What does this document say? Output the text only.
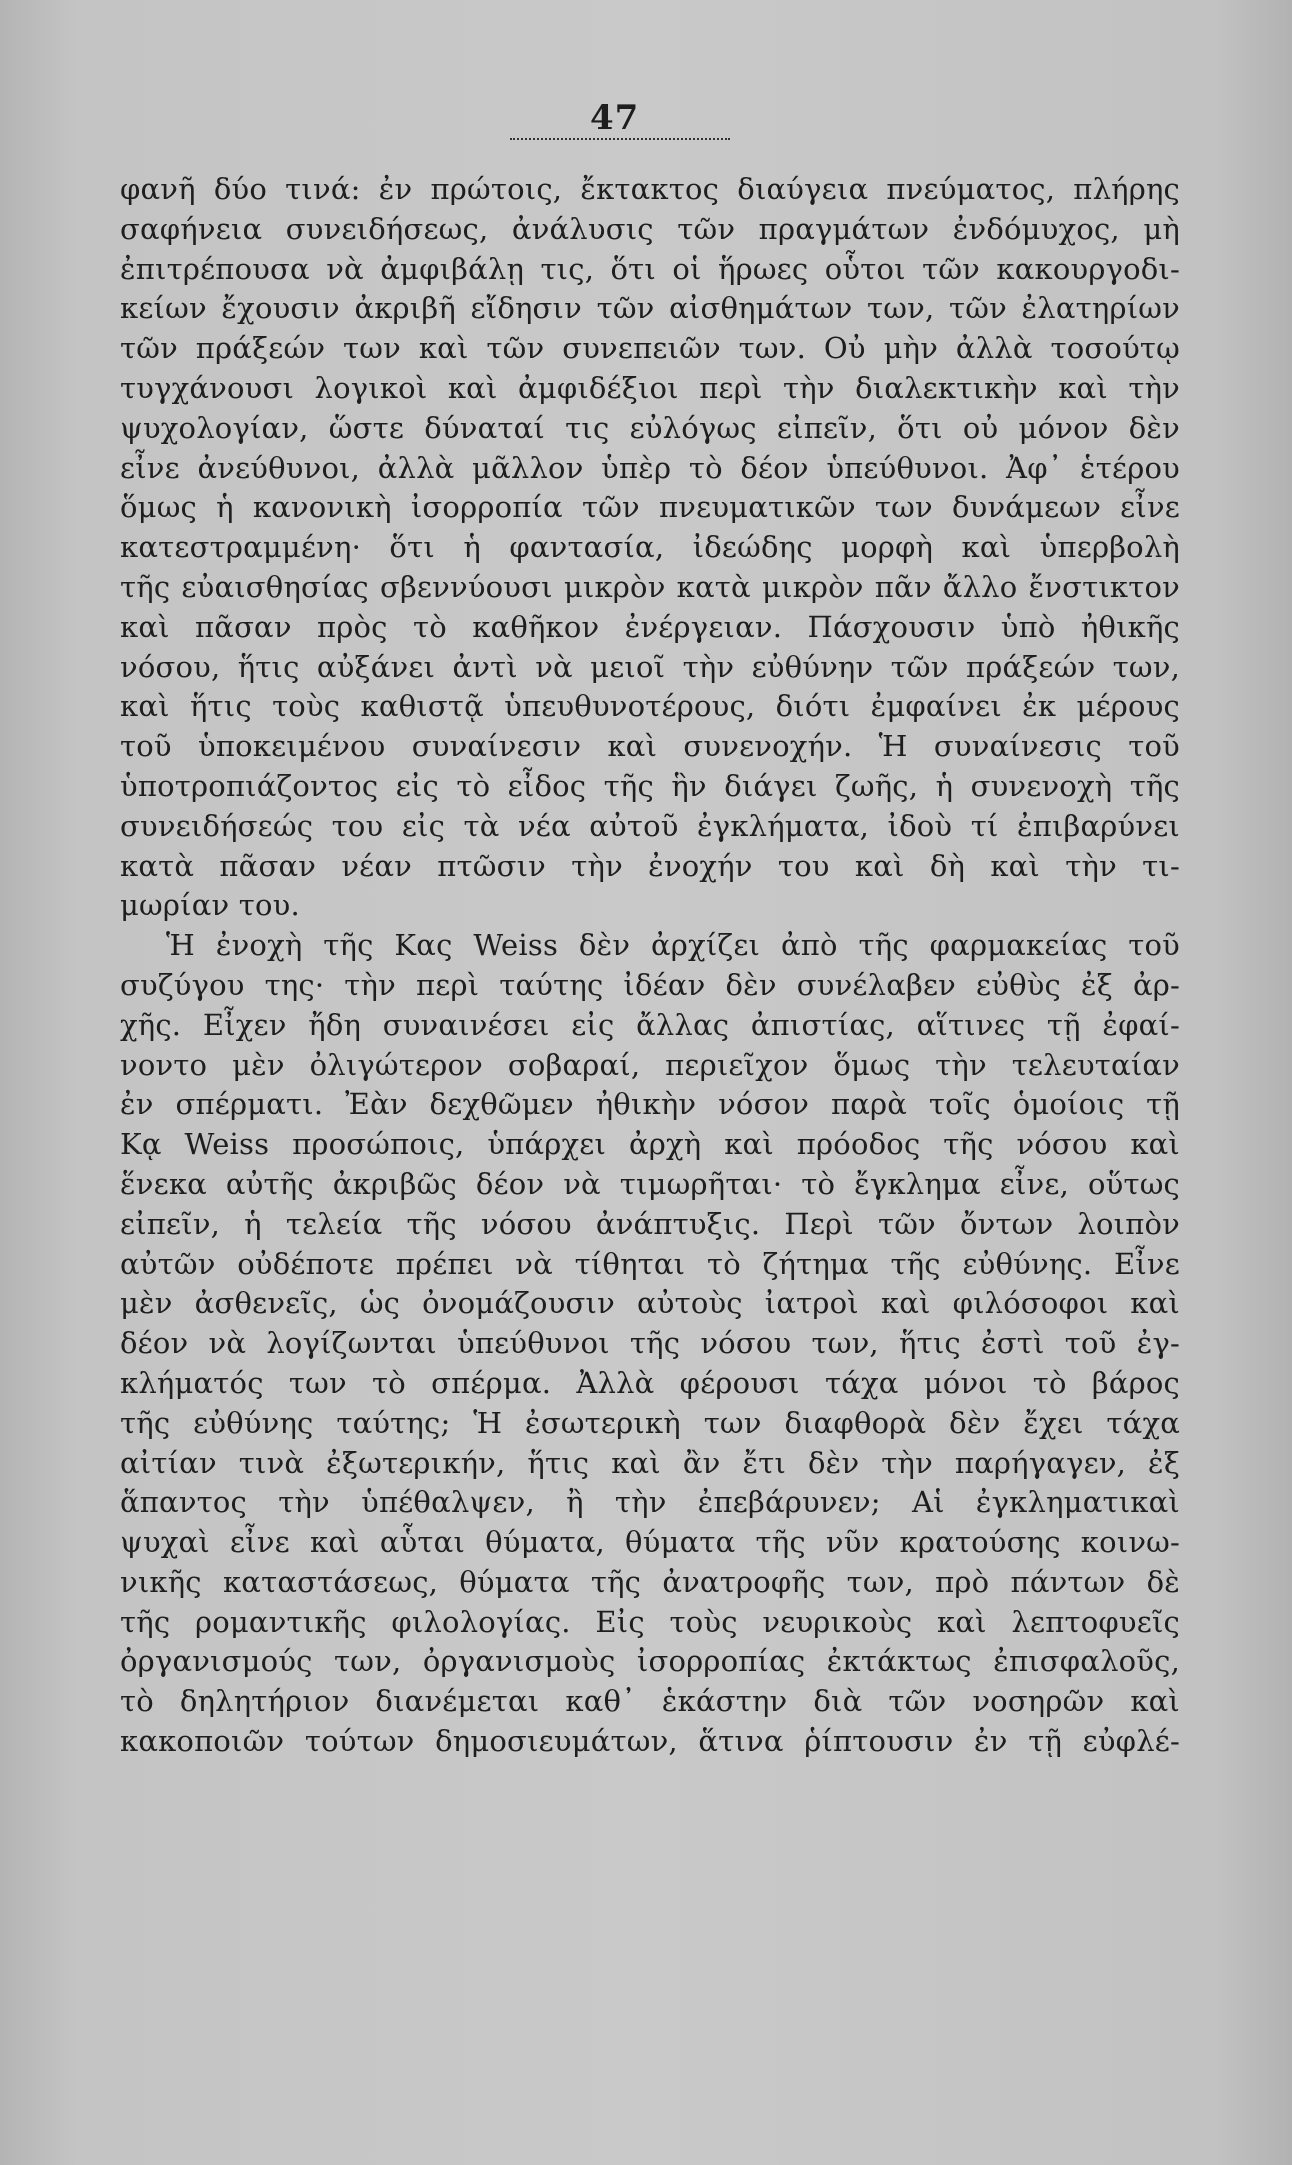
47
φανῆ δύο τινά: ἐν πρώτοις, ἔκτακτος διαύγεια πνεύματος, πλήρης
σαφήνεια συνειδήσεως, ἀνάλυσις τῶν πραγμάτων ἐνδόμυχος, μὴ
ἐπιτρέπουσα νὰ ἀμφιβάλῃ τις, ὅτι οἱ ἥρωες οὗτοι τῶν κακουργοδι-
κείων ἔχουσιν ἀκριβῆ εἴδησιν τῶν αἰσθημάτων των, τῶν ἐλατηρίων
τῶν πράξεών των καὶ τῶν συνεπειῶν των. Οὐ μὴν ἀλλὰ τοσούτῳ
τυγχάνουσι λογικοὶ καὶ ἀμφιδέξιοι περὶ τὴν διαλεκτικὴν καὶ τὴν
ψυχολογίαν, ὥστε δύναταί τις εὐλόγως εἰπεῖν, ὅτι οὐ μόνον δὲν
εἶνε ἀνεύθυνοι, ἀλλὰ μᾶλλον ὑπὲρ τὸ δέον ὑπεύθυνοι. Ἀφ᾽ ἑτέρου
ὅμως ἡ κανονικὴ ἰσορροπία τῶν πνευματικῶν των δυνάμεων εἶνε
κατεστραμμένη· ὅτι ἡ φαντασία, ἰδεώδης μορφὴ καὶ ὑπερβολὴ
τῆς εὐαισθησίας σβεννύουσι μικρὸν κατὰ μικρὸν πᾶν ἄλλο ἔνστικτον
καὶ πᾶσαν πρὸς τὸ καθῆκον ἐνέργειαν. Πάσχουσιν ὑπὸ ἠθικῆς
νόσου, ἥτις αὐξάνει ἀντὶ νὰ μειοῖ τὴν εὐθύνην τῶν πράξεών των,
καὶ ἥτις τοὺς καθιστᾷ ὑπευθυνοτέρους, διότι ἐμφαίνει ἐκ μέρους
τοῦ ὑποκειμένου συναίνεσιν καὶ συνενοχήν. Ἡ συναίνεσις τοῦ
ὑποτροπιάζοντος εἰς τὸ εἶδος τῆς ἣν διάγει ζωῆς, ἡ συνενοχὴ τῆς
συνειδήσεώς του εἰς τὰ νέα αὐτοῦ ἐγκλήματα, ἰδοὺ τί ἐπιβαρύνει
κατὰ πᾶσαν νέαν πτῶσιν τὴν ἐνοχήν του καὶ δὴ καὶ τὴν τι-
μωρίαν του.
Ἡ ἐνοχὴ τῆς Κας Weiss δὲν ἀρχίζει ἀπὸ τῆς φαρμακείας τοῦ
συζύγου της· τὴν περὶ ταύτης ἰδέαν δὲν συνέλαβεν εὐθὺς ἐξ ἀρ-
χῆς. Εἶχεν ἤδη συναινέσει εἰς ἄλλας ἀπιστίας, αἵτινες τῇ ἐφαί-
νοντο μὲν ὀλιγώτερον σοβαραί, περιεῖχον ὅμως τὴν τελευταίαν
ἐν σπέρματι. Ἐὰν δεχθῶμεν ἠθικὴν νόσον παρὰ τοῖς ὁμοίοις τῇ
Κᾳ Weiss προσώποις, ὑπάρχει ἀρχὴ καὶ πρόοδος τῆς νόσου καὶ
ἕνεκα αὐτῆς ἀκριβῶς δέον νὰ τιμωρῆται· τὸ ἔγκλημα εἶνε, οὕτως
εἰπεῖν, ἡ τελεία τῆς νόσου ἀνάπτυξις. Περὶ τῶν ὄντων λοιπὸν
αὐτῶν οὐδέποτε πρέπει νὰ τίθηται τὸ ζήτημα τῆς εὐθύνης. Εἶνε
μὲν ἀσθενεῖς, ὡς ὀνομάζουσιν αὐτοὺς ἰατροὶ καὶ φιλόσοφοι καὶ
δέον νὰ λογίζωνται ὑπεύθυνοι τῆς νόσου των, ἥτις ἐστὶ τοῦ ἐγ-
κλήματός των τὸ σπέρμα. Ἀλλὰ φέρουσι τάχα μόνοι τὸ βάρος
τῆς εὐθύνης ταύτης; Ἡ ἐσωτερικὴ των διαφθορὰ δὲν ἔχει τάχα
αἰτίαν τινὰ ἐξωτερικήν, ἥτις καὶ ἂν ἔτι δὲν τὴν παρήγαγεν, ἐξ
ἅπαντος τὴν ὑπέθαλψεν, ἢ τὴν ἐπεβάρυνεν; Αἱ ἐγκληματικαὶ
ψυχαὶ εἶνε καὶ αὗται θύματα, θύματα τῆς νῦν κρατούσης κοινω-
νικῆς καταστάσεως, θύματα τῆς ἀνατροφῆς των, πρὸ πάντων δὲ
τῆς ρομαντικῆς φιλολογίας. Εἰς τοὺς νευρικοὺς καὶ λεπτοφυεῖς
ὀργανισμούς των, ὀργανισμοὺς ἰσορροπίας ἐκτάκτως ἐπισφαλοῦς,
τὸ δηλητήριον διανέμεται καθ᾽ ἑκάστην διὰ τῶν νοσηρῶν καὶ
κακοποιῶν τούτων δημοσιευμάτων, ἅτινα ῥίπτουσιν ἐν τῇ εὐφλέ-
